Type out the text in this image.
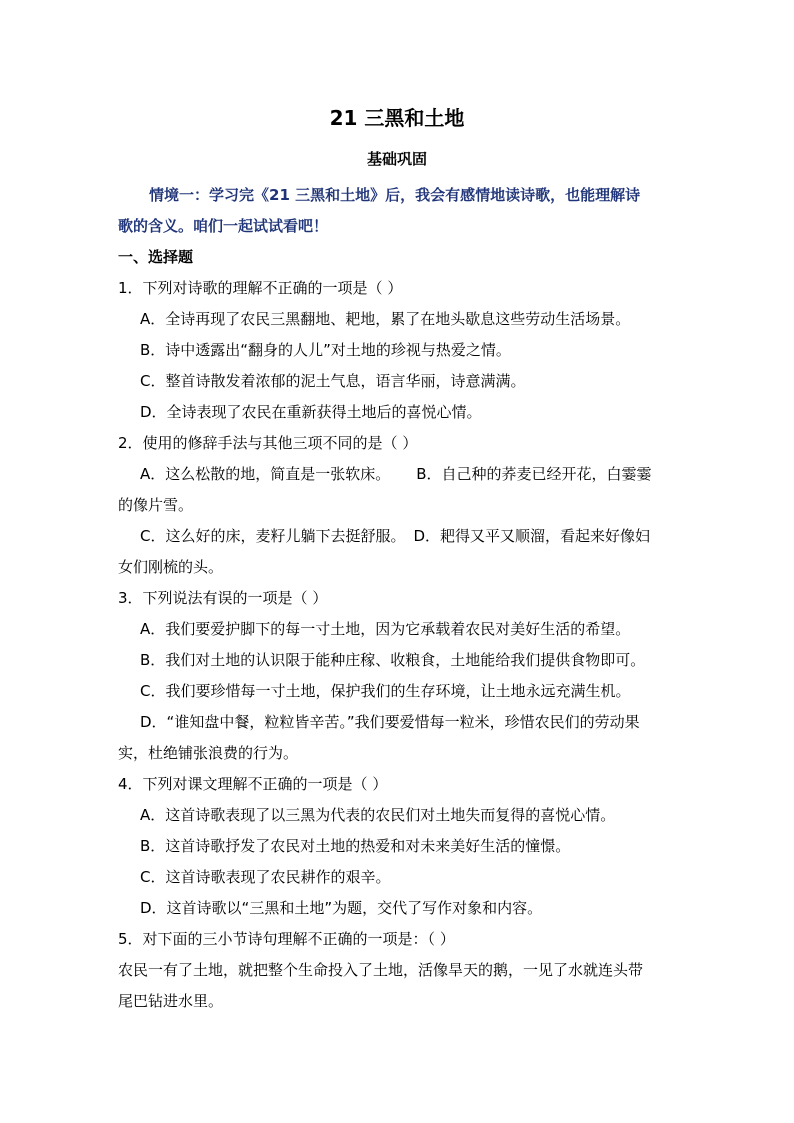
21 三黑和土地
基础巩固
情境一：学习完《21 三黑和土地》后，我会有感情地读诗歌，也能理解诗
歌的含义。咱们一起试试看吧！
一、选择题
1．下列对诗歌的理解不正确的一项是（ ）
A．全诗再现了农民三黑翻地、耙地，累了在地头歇息这些劳动生活场景。
B．诗中透露出“翻身的人儿”对土地的珍视与热爱之情。
C．整首诗散发着浓郁的泥土气息，语言华丽，诗意满满。
D．全诗表现了农民在重新获得土地后的喜悦心情。
2．使用的修辞手法与其他三项不同的是（ ）
A．这么松散的地，简直是一张软床。 B．自己种的荞麦已经开花，白霎霎
的像片雪。
C．这么好的床，麦籽儿躺下去挺舒服。 D．耙得又平又顺溜，看起来好像妇
女们刚梳的头。
3．下列说法有误的一项是（ ）
A．我们要爱护脚下的每一寸土地，因为它承载着农民对美好生活的希望。
B．我们对土地的认识限于能种庄稼、收粮食，土地能给我们提供食物即可。
C．我们要珍惜每一寸土地，保护我们的生存环境，让土地永远充满生机。
D．“谁知盘中餐，粒粒皆辛苦。”我们要爱惜每一粒米，珍惜农民们的劳动果
实，杜绝铺张浪费的行为。
4．下列对课文理解不正确的一项是（ ）
A．这首诗歌表现了以三黑为代表的农民们对土地失而复得的喜悦心情。
B．这首诗歌抒发了农民对土地的热爱和对未来美好生活的憧憬。
C．这首诗歌表现了农民耕作的艰辛。
D．这首诗歌以“三黑和土地”为题，交代了写作对象和内容。
5．对下面的三小节诗句理解不正确的一项是：（ ）
农民一有了土地，就把整个生命投入了土地，活像旱天的鹅，一见了水就连头带
尾巴钻进水里。
